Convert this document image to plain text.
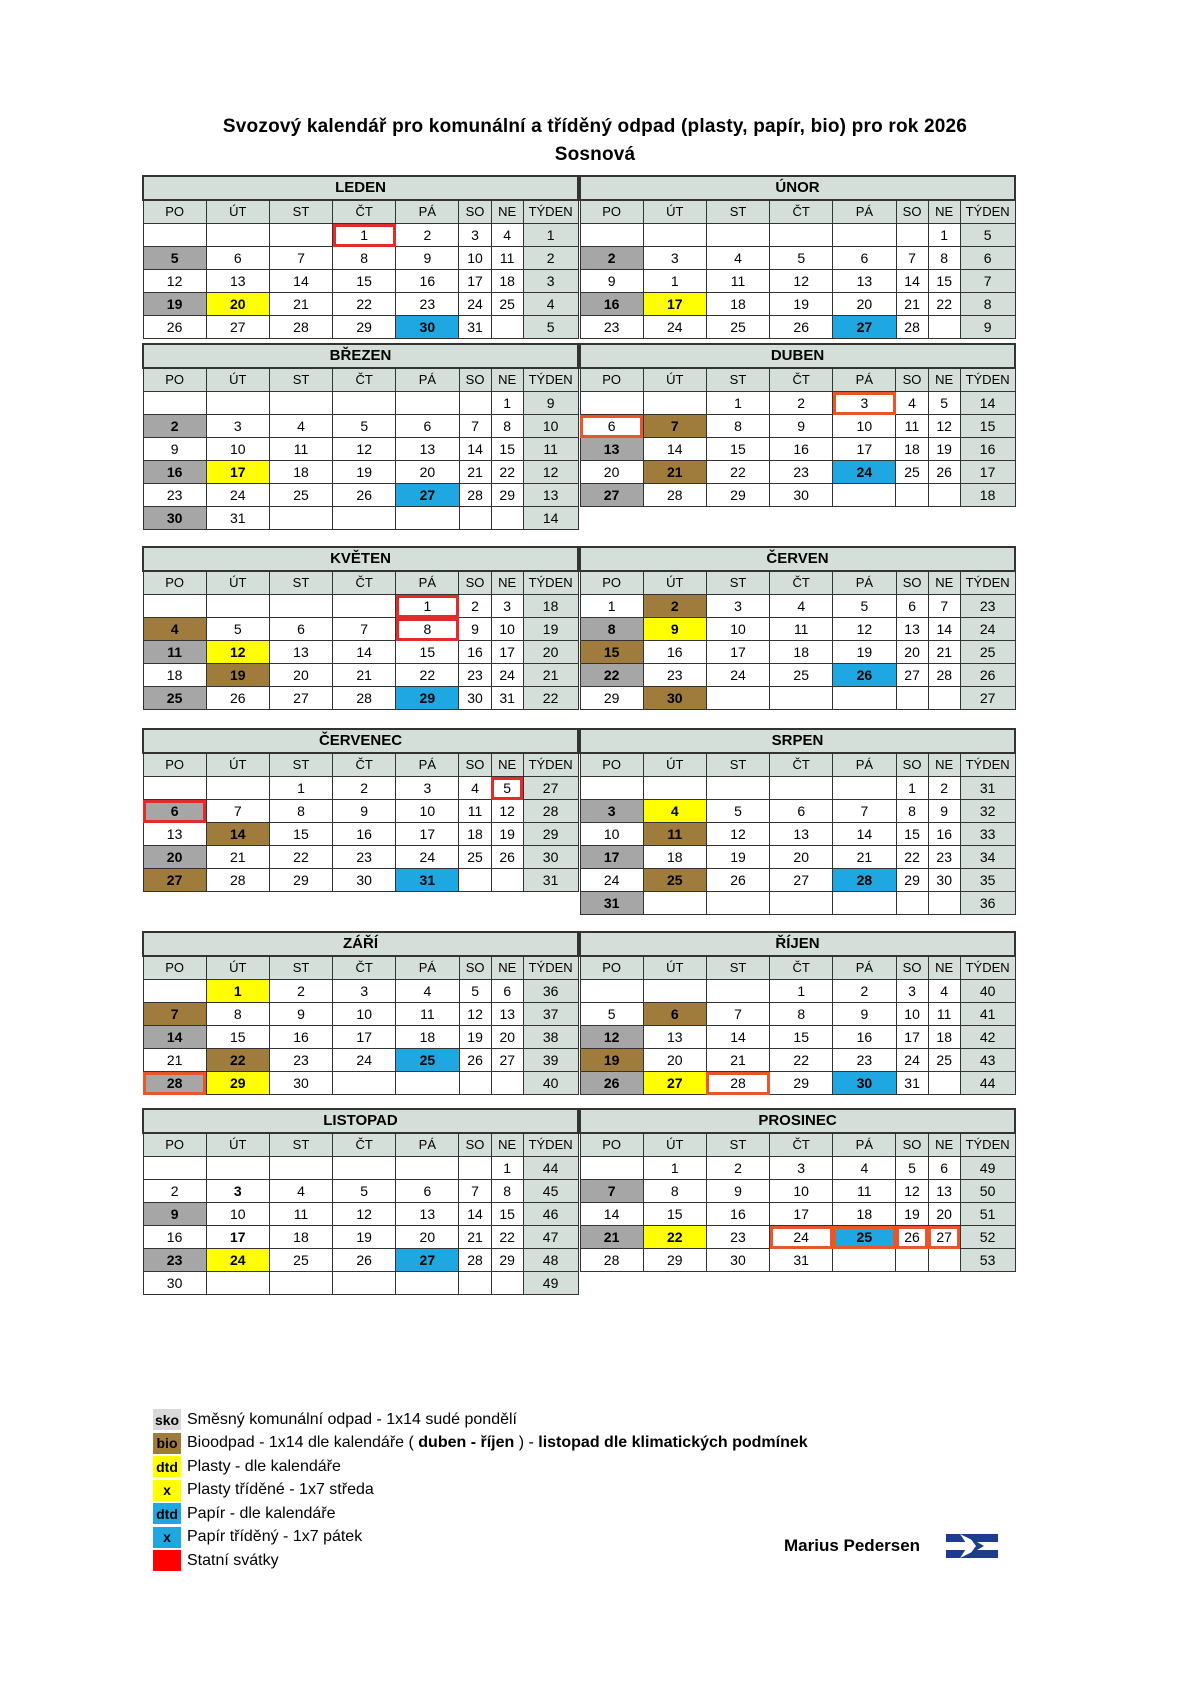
Svozový kalendář pro komunální a tříděný odpad (plasty, papír, bio) pro rok 2026
Sosnová
LEDEN							
PO	ÚT	ST	ČT	PÁ	SO	NE	TÝDEN
			1	2	3	4	1
5	6	7	8	9	10	11	2
12	13	14	15	16	17	18	3
19	20	21	22	23	24	25	4
26	27	28	29	30	31		5
ÚNOR							
PO	ÚT	ST	ČT	PÁ	SO	NE	TÝDEN
						1	5
2	3	4	5	6	7	8	6
9	1	11	12	13	14	15	7
16	17	18	19	20	21	22	8
23	24	25	26	27	28		9
BŘEZEN							
PO	ÚT	ST	ČT	PÁ	SO	NE	TÝDEN
						1	9
2	3	4	5	6	7	8	10
9	10	11	12	13	14	15	11
16	17	18	19	20	21	22	12
23	24	25	26	27	28	29	13
30	31						14
DUBEN							
PO	ÚT	ST	ČT	PÁ	SO	NE	TÝDEN
		1	2	3	4	5	14
6	7	8	9	10	11	12	15
13	14	15	16	17	18	19	16
20	21	22	23	24	25	26	17
27	28	29	30				18
KVĚTEN							
PO	ÚT	ST	ČT	PÁ	SO	NE	TÝDEN
				1	2	3	18
4	5	6	7	8	9	10	19
11	12	13	14	15	16	17	20
18	19	20	21	22	23	24	21
25	26	27	28	29	30	31	22
ČERVEN							
PO	ÚT	ST	ČT	PÁ	SO	NE	TÝDEN
1	2	3	4	5	6	7	23
8	9	10	11	12	13	14	24
15	16	17	18	19	20	21	25
22	23	24	25	26	27	28	26
29	30						27
ČERVENEC							
PO	ÚT	ST	ČT	PÁ	SO	NE	TÝDEN
		1	2	3	4	5	27
6	7	8	9	10	11	12	28
13	14	15	16	17	18	19	29
20	21	22	23	24	25	26	30
27	28	29	30	31			31
SRPEN							
PO	ÚT	ST	ČT	PÁ	SO	NE	TÝDEN
					1	2	31
3	4	5	6	7	8	9	32
10	11	12	13	14	15	16	33
17	18	19	20	21	22	23	34
24	25	26	27	28	29	30	35
31							36
ZÁŘÍ							
PO	ÚT	ST	ČT	PÁ	SO	NE	TÝDEN
	1	2	3	4	5	6	36
7	8	9	10	11	12	13	37
14	15	16	17	18	19	20	38
21	22	23	24	25	26	27	39
28	29	30					40
ŘÍJEN							
PO	ÚT	ST	ČT	PÁ	SO	NE	TÝDEN
			1	2	3	4	40
5	6	7	8	9	10	11	41
12	13	14	15	16	17	18	42
19	20	21	22	23	24	25	43
26	27	28	29	30	31		44
LISTOPAD							
PO	ÚT	ST	ČT	PÁ	SO	NE	TÝDEN
						1	44
2	3	4	5	6	7	8	45
9	10	11	12	13	14	15	46
16	17	18	19	20	21	22	47
23	24	25	26	27	28	29	48
30							49
PROSINEC							
PO	ÚT	ST	ČT	PÁ	SO	NE	TÝDEN
	1	2	3	4	5	6	49
7	8	9	10	11	12	13	50
14	15	16	17	18	19	20	51
21	22	23	24	25	26	27	52
28	29	30	31				53
sko Směsný komunální odpad - 1x14 sudé pondělí
bio Bioodpad - 1x14 dle kalendáře ( duben - říjen ) - listopad dle klimatických podmínek
dtd Plasty - dle kalendáře
x	Plasty tříděné - 1x7 středa
dtd Papír - dle kalendáře
x	Papír tříděný - 1x7 pátek
Statní svátky
Marius Pedersen
